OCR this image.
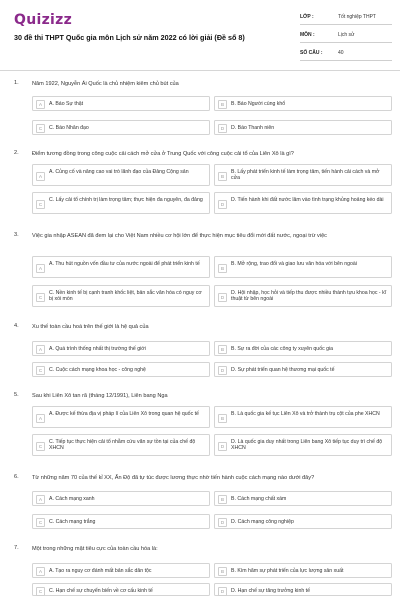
Quizizz
30 đề thi THPT Quốc gia môn Lịch sử năm 2022 có lời giải (Đề số 8)
LỚP :	Tốt nghiệp THPT
MÔN :	Lịch sử
SỐ CÂU :	40
1. Năm 1922, Nguyễn Ái Quốc là chủ nhiệm kiêm chủ bút của
A	A. Báo Sự thật	B	B. Báo Người cùng khổ
C	C. Báo Nhân đạo	D	D. Báo Thanh niên
2. Điểm tương đồng trong công cuộc cải cách mở cửa ở Trung Quốc với công cuộc cải tổ của Liên Xô là gì?
A
A. Củng cố và nâng cao vai trò lãnh đạo của Đảng Cộng sản
B
B. Lấy phát triển kinh tế làm trọng tâm, tiến hành cải cách và mở cửa
C
C. Lấy cải tổ chính trị làm trọng tâm; thực hiện đa nguyên, đa đảng
D
D. Tiến hành khi đất nước lâm vào tình trạng khủng hoảng kéo dài
3. Việc gia nhập ASEAN đã đem lại cho Việt Nam nhiều cơ hội lớn để thực hiện mục tiêu đổi mới đất nước, ngoại trừ việc
A
A. Thu hút nguồn vốn đầu tư của nước ngoài để phát triển kinh tế
B
B. Mở rộng, trao đổi và giao lưu văn hóa với bên ngoài
C
C. Nền kinh tế bị cạnh tranh khốc liệt, bản sắc văn hóa có nguy cơ bị xói mòn	D
D. Hội nhập, học hỏi và tiếp thu được nhiều thành tựu khoa học - kĩ thuật từ bên ngoài
4. Xu thế toàn cầu hoá trên thế giới là hệ quả của
A	A. Quá trình thống nhất thị trường thế giới	B	B. Sự ra đời của các công ty xuyên quốc gia
C	C. Cuộc cách mạng khoa học - công nghệ	D	D. Sự phát triển quan hệ thương mại quốc tế
5. Sau khi Liên Xô tan rã (tháng 12/1991), Liên bang Nga
A
A. Được kế thừa địa vị pháp lí của Liên Xô trong quan hệ quốc tế
B
B. Là quốc gia kế tục Liên Xô và trở thành trụ cột của phe XHCN
C
C. Tiếp tục thực hiện cải tổ nhằm cứu vãn sự tồn tại của chế độ XHCN	D
D. Là quốc gia duy nhất trong Liên bang Xô tiếp tục duy trì chế độ XHCN
6. Từ những năm 70 của thế kỉ XX, Ấn Độ đã tự túc được lương thực nhờ tiến hành cuộc cách mạng nào dưới đây?
A	A. Cách mạng xanh	B	B. Cách mạng chất xám
C	C. Cách mạng trắng	D	D. Cách mạng công nghiệp
7. Một trong những mặt tiêu cực của toàn cầu hóa là:
A	A. Tạo ra nguy cơ đánh mất bản sắc dân tộc	B	B. Kìm hãm sự phát triển của lực lượng sản xuất
C	C. Hạn chế sự chuyển biến về cơ cấu kinh tế	D	D. Hạn chế sự tăng trưởng kinh tế
